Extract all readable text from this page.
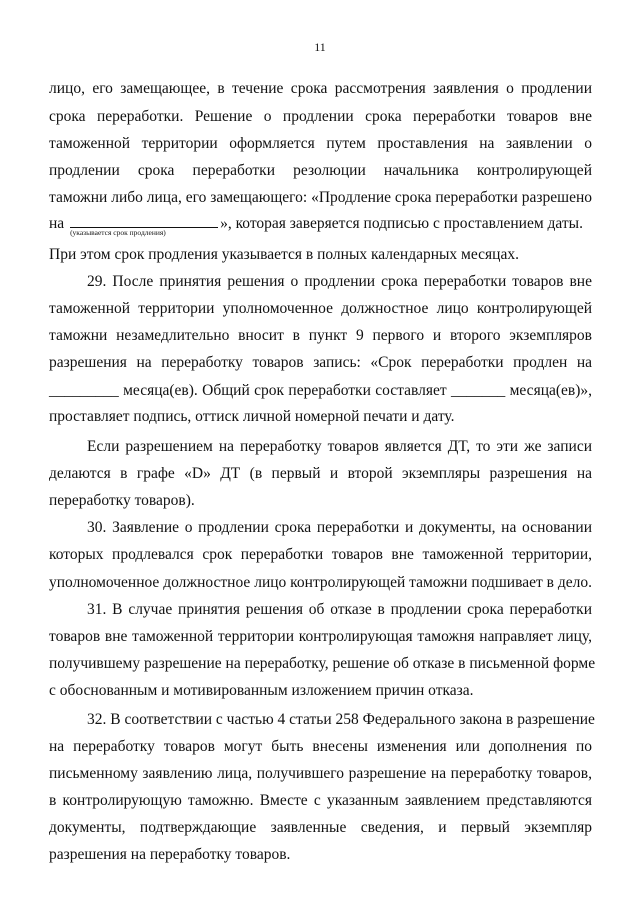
11
лицо, его замещающее, в течение срока рассмотрения заявления о продлении
срока переработки. Решение о продлении срока переработки товаров вне
таможенной территории оформляется путем проставления на заявлении о
продлении срока переработки резолюции начальника контролирующей
таможни либо лица, его замещающего: «Продление срока переработки разрешено
на
(указывается срок продления)
», которая заверяется подписью с проставлением даты.
При этом срок продления указывается в полных календарных месяцах.
29. После принятия решения о продлении срока переработки товаров вне
таможенной территории уполномоченное должностное лицо контролирующей
таможни незамедлительно вносит в пункт 9 первого и второго экземпляров
разрешения на переработку товаров запись: «Срок переработки продлен на
_________ месяца(ев). Общий срок переработки составляет _______ месяца(ев)»,
проставляет подпись, оттиск личной номерной печати и дату.
Если разрешением на переработку товаров является ДТ, то эти же записи
делаются в графе «D» ДТ (в первый и второй экземпляры разрешения на
переработку товаров).
30. Заявление о продлении срока переработки и документы, на основании
которых продлевался срок переработки товаров вне таможенной территории,
уполномоченное должностное лицо контролирующей таможни подшивает в дело.
31. В случае принятия решения об отказе в продлении срока переработки
товаров вне таможенной территории контролирующая таможня направляет лицу,
получившему разрешение на переработку, решение об отказе в письменной форме
с обоснованным и мотивированным изложением причин отказа.
32. В соответствии с частью 4 статьи 258 Федерального закона в разрешение
на переработку товаров могут быть внесены изменения или дополнения по
письменному заявлению лица, получившего разрешение на переработку товаров,
в контролирующую таможню. Вместе с указанным заявлением представляются
документы, подтверждающие заявленные сведения, и первый экземпляр
разрешения на переработку товаров.
